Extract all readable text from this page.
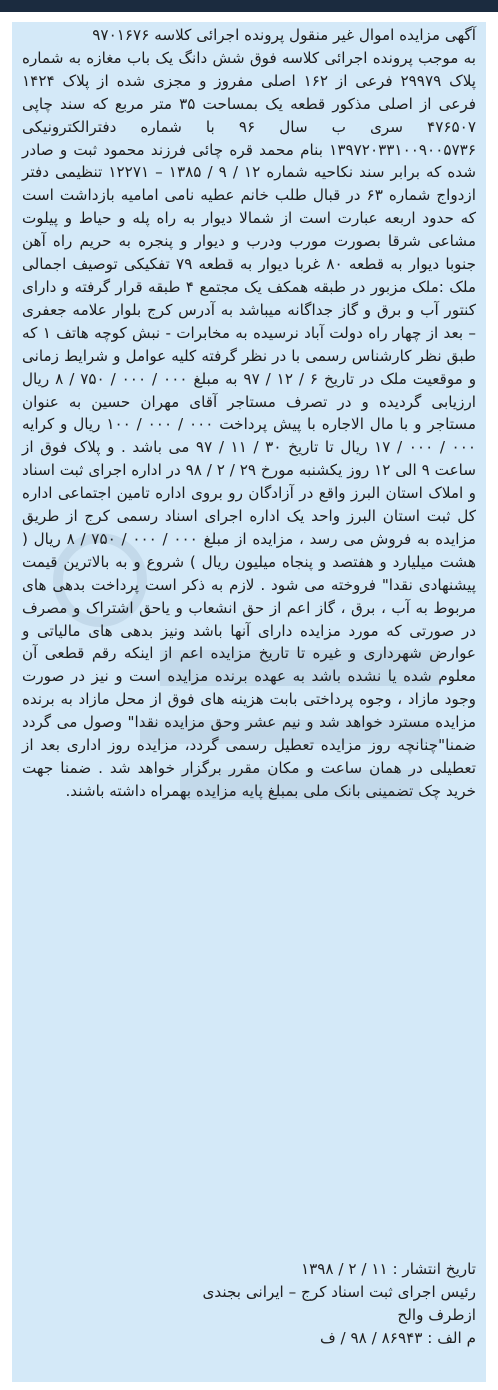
آگهی مزایده اموال غیر منقول پرونده اجرائی کلاسه ۹۷۰۱۶۷۶

به موجب پرونده اجرائی کلاسه فوق شش دانگ یک باب مغازه به شماره پلاک ۲۹۹۷۹ فرعی از ۱۶۲ اصلی مفروز و مجزی شده از پلاک ۱۴۲۴ فرعی از اصلی مذکور قطعه یک بمساحت ۳۵ متر مربع که سند چاپی ۴۷۶۵۰۷ سری ب سال ۹۶ با شماره دفترالکترونیکی ۱۳۹۷۲۰۳۳۱۰۰۹۰۰۵۷۳۶ بنام محمد قره چائی فرزند محمود ثبت و صادر شده که برابر سند نکاحیه شماره ۱۲ / ۹ / ۱۳۸۵ – ۱۲۲۷۱ تنظیمی دفتر ازدواج شماره ۶۳ در قبال طلب خانم عطیه نامی امامیه بازداشت است که حدود اربعه عبارت است از شمالا دیوار به راه پله و حیاط و پیلوت مشاعی شرقا بصورت مورب ودرب و دیوار و پنجره به حریم راه آهن جنوبا دیوار به قطعه ۸۰ غربا دیوار به قطعه ۷۹ تفکیکی توصیف اجمالی ملک :ملک مزبور در طبقه همکف یک مجتمع ۴ طبقه قرار گرفته و دارای کنتور آب و برق و گاز جداگانه میباشد به آدرس کرج بلوار علامه جعفری – بعد از چهار راه دولت آباد نرسیده به مخابرات - نبش کوچه هاتف ۱ که طبق نظر کارشناس رسمی با در نظر گرفته کلیه عوامل و شرایط زمانی و موقعیت ملک در تاریخ ۶ / ۱۲ / ۹۷ به مبلغ ۰۰۰ / ۰۰۰ / ۷۵۰ / ۸ ریال ارزیابی گردیده و در تصرف مستاجر آقای مهران حسین به عنوان مستاجر و با مال الاجاره با پیش پرداخت ۰۰۰ / ۰۰۰ / ۱۰۰ ریال و کرایه ۰۰۰ / ۰۰۰ / ۱۷ ریال تا تاریخ ۳۰ / ۱۱ / ۹۷ می باشد . و پلاک فوق از ساعت ۹ الی ۱۲ روز یکشنبه مورخ ۲۹ / ۲ / ۹۸ در اداره اجرای ثبت اسناد و املاک استان البرز واقع در آزادگان رو بروی اداره تامین اجتماعی اداره کل ثبت استان البرز واحد یک اداره اجرای اسناد رسمی کرج از طریق مزایده به فروش می رسد ، مزایده از مبلغ ۰۰۰ / ۰۰۰ / ۷۵۰ / ۸ ریال ( هشت میلیارد و هفتصد و پنجاه میلیون ریال ) شروع و به بالاترین قیمت پیشنهادی نقدا" فروخته می شود . لازم به ذکر است پرداخت بدهی های مربوط به آب ، برق ، گاز اعم از حق انشعاب و یاحق اشتراک و مصرف در صورتی که مورد مزایده دارای آنها باشد ونیز بدهی های مالیاتی و عوارض شهرداری و غیره تا تاریخ مزایده اعم از اینکه رقم قطعی آن معلوم شده یا نشده باشد به عهده برنده مزایده است و نیز در صورت وجود مازاد ، وجوه پرداختی بابت هزینه های فوق از محل مازاد به برنده مزایده مسترد خواهد شد و نیم عشر وحق مزایده نقدا" وصول می گردد ضمنا"چنانچه روز مزایده تعطیل رسمی گردد، مزایده روز اداری بعد از تعطیلی در همان ساعت و مکان مقرر برگزار خواهد شد . ضمنا جهت خرید چک تضمینی بانک ملی بمبلغ پایه مزایده بهمراه داشته باشند.

تاریخ انتشار : ۱۱ / ۲ / ۱۳۹۸
رئیس اجرای ثبت اسناد کرج – ایرانی بجندی
ازطرف والح
م الف : ۸۶۹۴۳ / ۹۸ / ف
